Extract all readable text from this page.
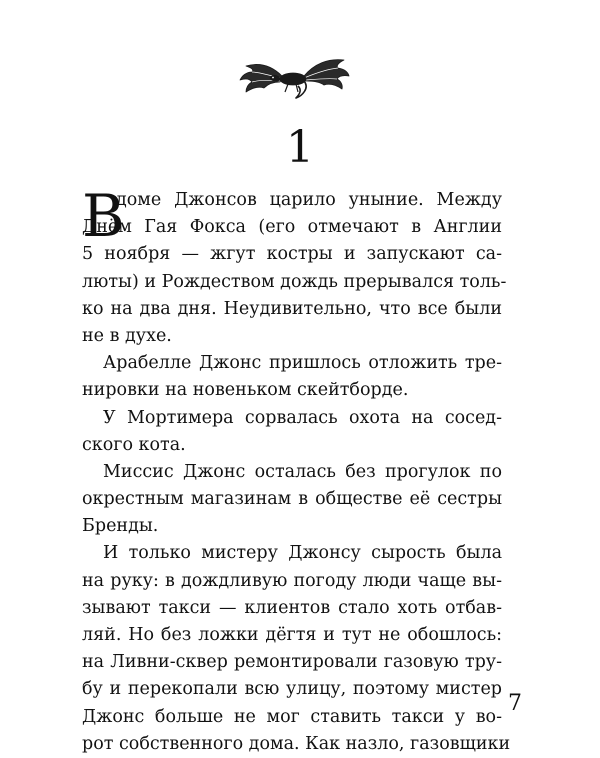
1
В
доме Джонсов царило уныние. Между
Днём Гая Фокса (его отмечают в Англии
5 ноября — жгут костры и запускают са-
люты) и Рождеством дождь прерывался толь-
ко на два дня. Неудивительно, что все были
не в духе.
Арабелле Джонс пришлось отложить тре-
нировки на новеньком скейтборде.
У Мортимера сорвалась охота на сосед-
ского кота.
Миссис Джонс осталась без прогулок по
окрестным магазинам в обществе её сестры
Бренды.
И только мистеру Джонсу сырость была
на руку: в дождливую погоду люди чаще вы-
зывают такси — клиентов стало хоть отбав-
ляй. Но без ложки дёгтя и тут не обошлось:
на Ливни-сквер ремонтировали газовую тру-
бу и перекопали всю улицу, поэтому мистер
Джонс больше не мог ставить такси у во-
рот собственного дома. Как назло, газовщики
7
